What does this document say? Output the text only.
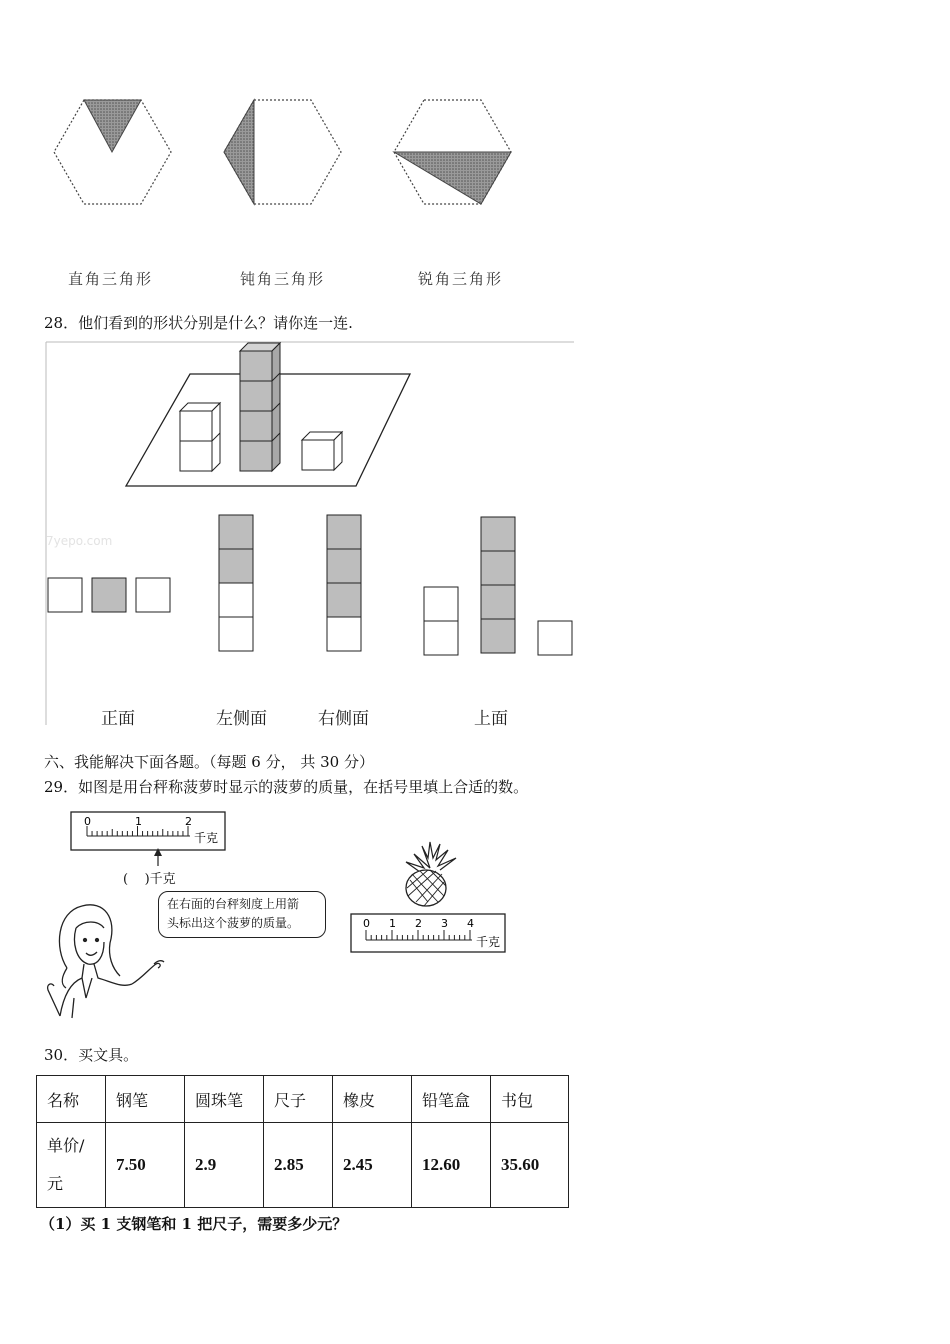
直角三角形	钝角三角形	锐角三角形
28．他们看到的形状分别是什么？请你连一连.
7yepo.com
正面	左侧面	右侧面	上面
六、我能解决下面各题。（每题 6 分， 共 30 分）
29．如图是用台秤称菠萝时显示的菠萝的质量，在括号里填上合适的数。
0	1	2
千克
(    )千克
在右面的台秤刻度上用箭
头标出这个菠萝的质量。	0 1 2 3 4
千克
30．买文具。
名称	钢笔	圆珠笔	尺子	橡皮	铅笔盒	书包

单价/
元	7.50	2.9	2.85	2.45	12.60	35.60
（1）买 1 支钢笔和 1 把尺子，需要多少元？
